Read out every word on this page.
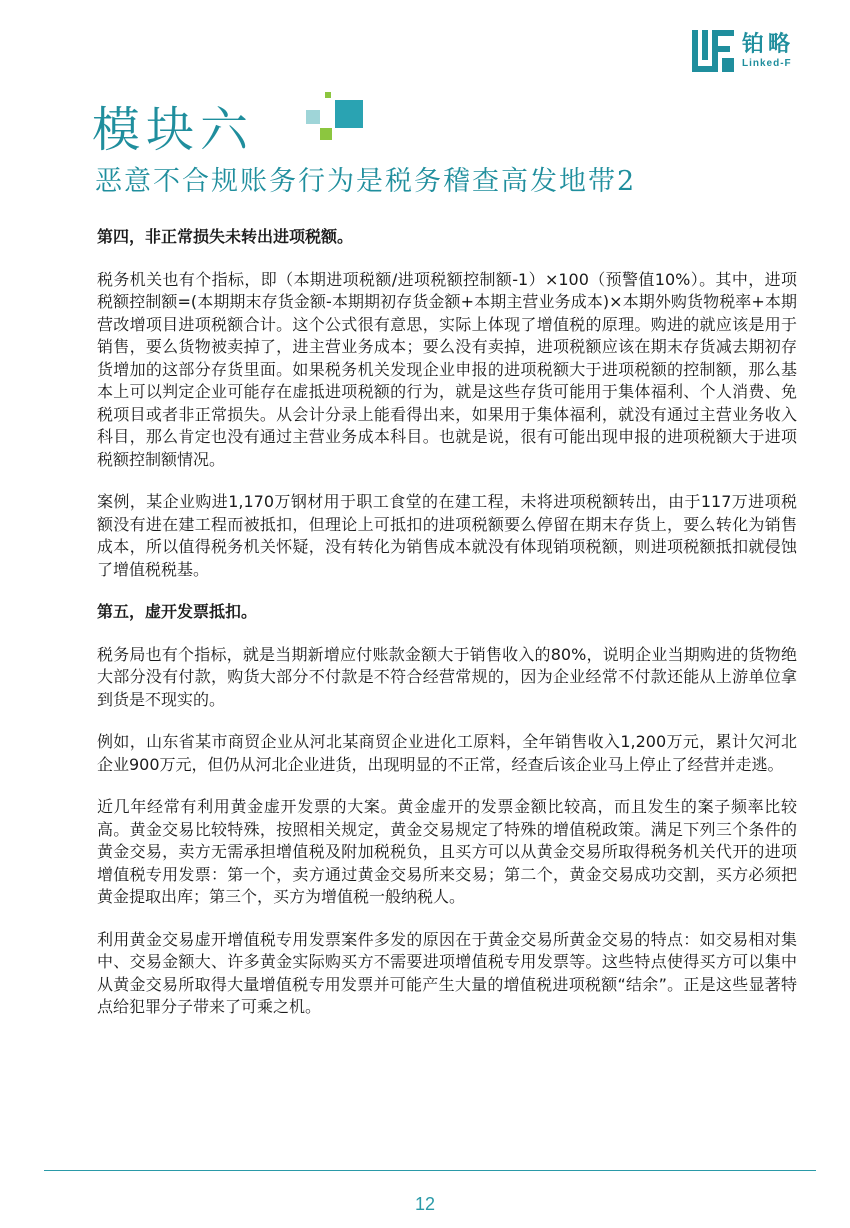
铂略
Linked-F
模块六
恶意不合规账务行为是税务稽查高发地带2

第四，非正常损失未转出进项税额。

税务机关也有个指标，即（本期进项税额/进项税额控制额-1）×100（预警值10%）。其中，进项税额控制额=(本期期末存货金额-本期期初存货金额+本期主营业务成本)×本期外购货物税率+本期营改增项目进项税额合计。这个公式很有意思，实际上体现了增值税的原理。购进的就应该是用于销售，要么货物被卖掉了，进主营业务成本；要么没有卖掉，进项税额应该在期末存货减去期初存货增加的这部分存货里面。如果税务机关发现企业申报的进项税额大于进项税额的控制额，那么基本上可以判定企业可能存在虚抵进项税额的行为，就是这些存货可能用于集体福利、个人消费、免税项目或者非正常损失。从会计分录上能看得出来，如果用于集体福利，就没有通过主营业务收入科目，那么肯定也没有通过主营业务成本科目。也就是说，很有可能出现申报的进项税额大于进项税额控制额情况。

案例，某企业购进1,170万钢材用于职工食堂的在建工程，未将进项税额转出，由于117万进项税额没有进在建工程而被抵扣，但理论上可抵扣的进项税额要么停留在期末存货上，要么转化为销售成本，所以值得税务机关怀疑，没有转化为销售成本就没有体现销项税额，则进项税额抵扣就侵蚀了增值税税基。

第五，虚开发票抵扣。

税务局也有个指标，就是当期新增应付账款金额大于销售收入的80%，说明企业当期购进的货物绝大部分没有付款，购货大部分不付款是不符合经营常规的，因为企业经常不付款还能从上游单位拿到货是不现实的。

例如，山东省某市商贸企业从河北某商贸企业进化工原料，全年销售收入1,200万元，累计欠河北企业900万元，但仍从河北企业进货，出现明显的不正常，经查后该企业马上停止了经营并走逃。

近几年经常有利用黄金虚开发票的大案。黄金虚开的发票金额比较高，而且发生的案子频率比较高。黄金交易比较特殊，按照相关规定，黄金交易规定了特殊的增值税政策。满足下列三个条件的黄金交易，卖方无需承担增值税及附加税税负，且买方可以从黄金交易所取得税务机关代开的进项增值税专用发票：第一个，卖方通过黄金交易所来交易；第二个，黄金交易成功交割，买方必须把黄金提取出库；第三个，买方为增值税一般纳税人。

利用黄金交易虚开增值税专用发票案件多发的原因在于黄金交易所黄金交易的特点：如交易相对集中、交易金额大、许多黄金实际购买方不需要进项增值税专用发票等。这些特点使得买方可以集中从黄金交易所取得大量增值税专用发票并可能产生大量的增值税进项税额“结余”。正是这些显著特点给犯罪分子带来了可乘之机。

12
